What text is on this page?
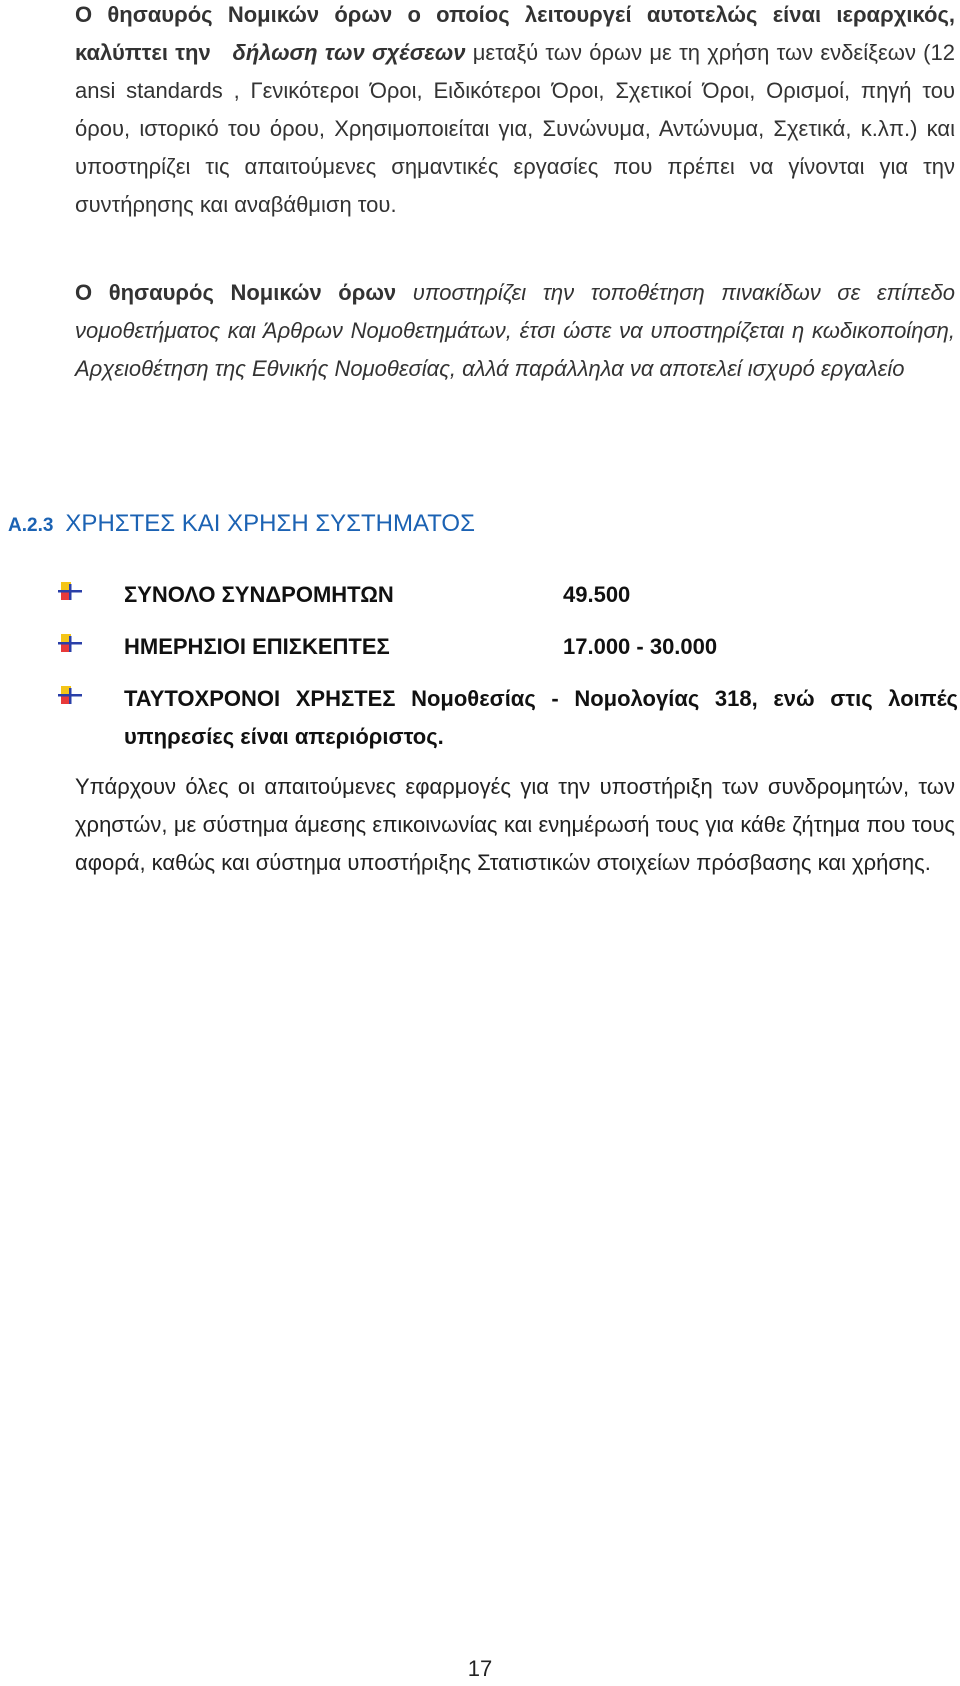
Ο θησαυρός Νομικών όρων ο οποίος λειτουργεί αυτοτελώς είναι ιεραρχικός, καλύπτει την δήλωση των σχέσεων μεταξύ των όρων με τη χρήση των ενδείξεων (12 ansi standards , Γενικότεροι Όροι, Ειδικότεροι Όροι, Σχετικοί Όροι, Ορισμοί, πηγή του όρου, ιστορικό του όρου, Χρησιμοποιείται για, Συνώνυμα, Αντώνυμα, Σχετικά, κ.λπ.) και υποστηρίζει τις απαιτούμενες σημαντικές εργασίες που πρέπει να γίνονται για την συντήρησης και αναβάθμιση του.

Ο θησαυρός Νομικών όρων υποστηρίζει την τοποθέτηση πινακίδων σε επίπεδο νομοθετήματος και Άρθρων Νομοθετημάτων, έτσι ώστε να υποστηρίζεται η κωδικοποίηση, Αρχειοθέτηση της Εθνικής Νομοθεσίας, αλλά παράλληλα να αποτελεί ισχυρό εργαλείο

Α.2.3 ΧΡΗΣΤΕΣ ΚΑΙ ΧΡΗΣΗ ΣΥΣΤΗΜΑΤΟΣ

ΣΥΝΟΛΟ ΣΥΝΔΡΟΜΗΤΩΝ	49.500

ΗΜΕΡΗΣΙΟΙ ΕΠΙΣΚΕΠΤΕΣ	17.000 - 30.000

ΤΑΥΤΟΧΡΟΝΟΙ ΧΡΗΣΤΕΣ Νομοθεσίας - Νομολογίας 318, ενώ στις λοιπές υπηρεσίες είναι απεριόριστος.

Υπάρχουν όλες οι απαιτούμενες εφαρμογές για την υποστήριξη των συνδρομητών, των χρηστών, με σύστημα άμεσης επικοινωνίας και ενημέρωσή τους για κάθε ζήτημα που τους αφορά, καθώς και σύστημα υποστήριξης Στατιστικών στοιχείων πρόσβασης και χρήσης.

17
